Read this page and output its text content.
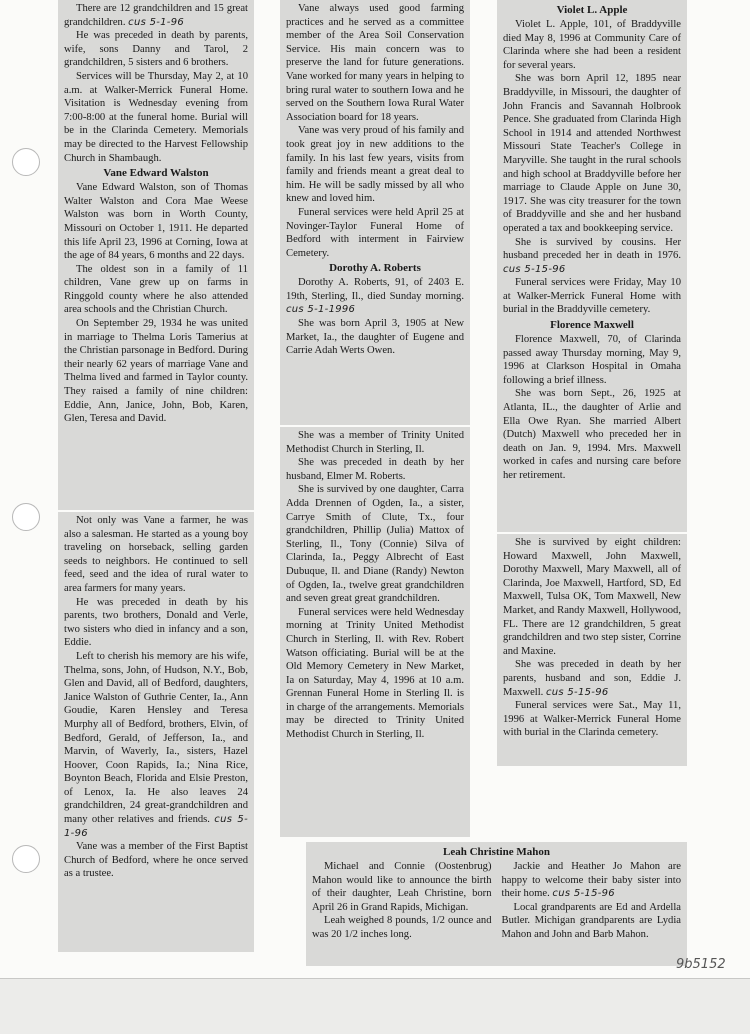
There are 12 grandchildren and 15 great grandchildren. cus 5-1-96

He was preceded in death by parents, wife, sons Danny and Tarol, 2 grandchildren, 5 sisters and 6 brothers.

Services will be Thursday, May 2, at 10 a.m. at Walker-Merrick Funeral Home. Visitation is Wednesday evening from 7:00-8:00 at the funeral home. Burial will be in the Clarinda Cemetery. Memorials may be directed to the Harvest Fellowship Church in Shambaugh.

Vane Edward Walston

Vane Edward Walston, son of Thomas Walter Walston and Cora Mae Weese Walston was born in Worth County, Missouri on October 1, 1911. He departed this life April 23, 1996 at Corning, Iowa at the age of 84 years, 6 months and 22 days.

The oldest son in a family of 11 children, Vane grew up on farms in Ringgold county where he also attended area schools and the Christian Church.

On September 29, 1934 he was united in marriage to Thelma Loris Tamerius at the Christian parsonage in Bedford. During their nearly 62 years of marriage Vane and Thelma lived and farmed in Taylor county. They raised a family of nine children: Eddie, Ann, Janice, John, Bob, Karen, Glen, Teresa and David.

Not only was Vane a farmer, he was also a salesman. He started as a young boy traveling on horseback, selling garden seeds to neighbors. He continued to sell feed, seed and the idea of rural water to area farmers for many years.

He was preceded in death by his parents, two brothers, Donald and Verle, two sisters who died in infancy and a son, Eddie.

Left to cherish his memory are his wife, Thelma, sons, John, of Hudson, N.Y., Bob, Glen and David, all of Bedford, daughters, Janice Walston of Guthrie Center, Ia., Ann Goudie, Karen Hensley and Teresa Murphy all of Bedford, brothers, Elvin, of Bedford, Gerald, of Jefferson, Ia., and Marvin, of Waverly, Ia., sisters, Hazel Hoover, Coon Rapids, Ia.; Nina Rice, Boynton Beach, Florida and Elsie Preston, of Lenox, Ia. He also leaves 24 grandchildren, 24 great-grandchildren and many other relatives and friends. cus 5-1-96

Vane was a member of the First Baptist Church of Bedford, where he once served as a trustee.

Vane always used good farming practices and he served as a committee member of the Area Soil Conservation Service. His main concern was to preserve the land for future generations. Vane worked for many years in helping to bring rural water to southern Iowa and he served on the Southern Iowa Rural Water Association board for 18 years.

Vane was very proud of his family and took great joy in new additions to the family. In his last few years, visits from family and friends meant a great deal to him. He will be sadly missed by all who knew and loved him.

Funeral services were held April 25 at Novinger-Taylor Funeral Home of Bedford with interment in Fairview Cemetery.

Dorothy A. Roberts

Dorothy A. Roberts, 91, of 2403 E. 19th, Sterling, Il., died Sunday morning. cus 5-1-1996

She was born April 3, 1905 at New Market, Ia., the daughter of Eugene and Carrie Adah Werts Owen.

She was a member of Trinity United Methodist Church in Sterling, Il.

She was preceded in death by her husband, Elmer M. Roberts.

She is survived by one daughter, Carra Adda Drennen of Ogden, Ia., a sister, Carrye Smith of Clute, Tx., four grandchildren, Phillip (Julia) Mattox of Sterling, Il., Tony (Connie) Silva of Clarinda, Ia., Peggy Albrecht of East Dubuque, Il. and Diane (Randy) Newton of Ogden, Ia., twelve great grandchildren and seven great great grandchildren.

Funeral services were held Wednesday morning at Trinity United Methodist Church in Sterling, Il. with Rev. Robert Watson officiating. Burial will be at the Old Memory Cemetery in New Market, Ia on Saturday, May 4, 1996 at 10 a.m. Grennan Funeral Home in Sterling Il. is in charge of the arrangements. Memorials may be directed to Trinity United Methodist Church in Sterling, Il.

Violet L. Apple

Violet L. Apple, 101, of Braddyville died May 8, 1996 at Community Care of Clarinda where she had been a resident for several years.

She was born April 12, 1895 near Braddyville, in Missouri, the daughter of John Francis and Savannah Holbrook Pence. She graduated from Clarinda High School in 1914 and attended Northwest Missouri State Teacher's College in Maryville. She taught in the rural schools and high school at Braddyville before her marriage to Claude Apple on June 30, 1917. She was city treasurer for the town of Braddyville and she and her husband operated a tax and bookkeeping service.

She is survived by cousins. Her husband preceded her in death in 1976. cus 5-15-96

Funeral services were Friday, May 10 at Walker-Merrick Funeral Home with burial in the Braddyville cemetery.

Florence Maxwell

Florence Maxwell, 70, of Clarinda passed away Thursday morning, May 9, 1996 at Clarkson Hospital in Omaha following a brief illness.

She was born Sept., 26, 1925 at Atlanta, IL., the daughter of Arlie and Ella Owe Ryan. She married Albert (Dutch) Maxwell who preceded her in death on Jan. 9, 1994. Mrs. Maxwell worked in cafes and nursing care before her retirement.

She is survived by eight children: Howard Maxwell, John Maxwell, Dorothy Maxwell, Mary Maxwell, all of Clarinda, Joe Maxwell, Hartford, SD, Ed Maxwell, Tulsa OK, Tom Maxwell, New Market, and Randy Maxwell, Hollywood, FL. There are 12 grandchildren, 5 great grandchildren and two step sister, Corrine and Maxine.

She was preceded in death by her parents, husband and son, Eddie J. Maxwell. cus 5-15-96

Funeral services were Sat., May 11, 1996 at Walker-Merrick Funeral Home with burial in the Clarinda cemetery.

Leah Christine Mahon

Michael and Connie (Oostenbrug) Mahon would like to announce the birth of their daughter, Leah Christine, born April 26 in Grand Rapids, Michigan.

Leah weighed 8 pounds, 1/2 ounce and was 20 1/2 inches long.

Jackie and Heather Jo Mahon are happy to welcome their baby sister into their home. cus 5-15-96

Local grandparents are Ed and Ardella Butler. Michigan grandparents are Lydia Mahon and John and Barb Mahon.

9b5152
